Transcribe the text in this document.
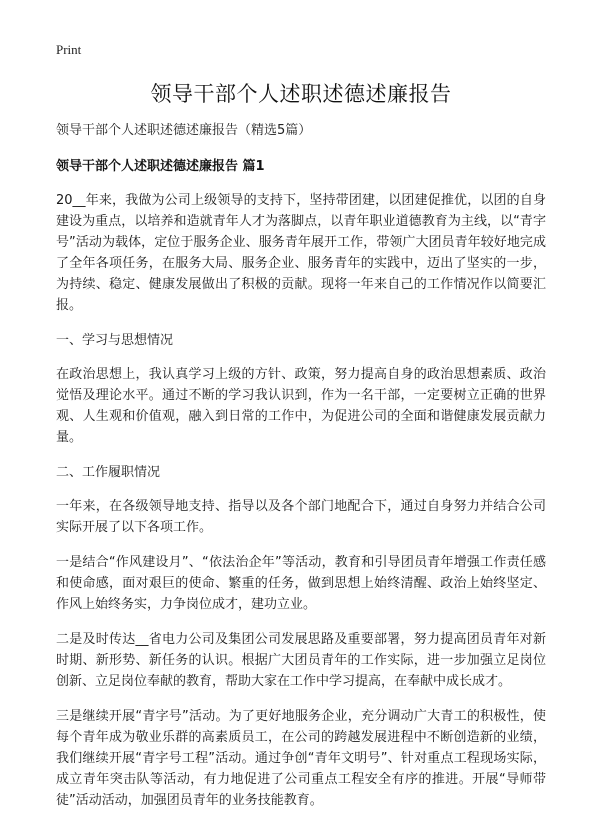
Print
领导干部个人述职述德述廉报告

领导干部个人述职述德述廉报告（精选5篇）

领导干部个人述职述德述廉报告 篇1

20__年来，我做为公司上级领导的支持下，坚持带团建，以团建促推优，以团的自身建设为重点，以培养和造就青年人才为落脚点，以青年职业道德教育为主线，以“青字号”活动为载体，定位于服务企业、服务青年展开工作，带领广大团员青年较好地完成了全年各项任务，在服务大局、服务企业、服务青年的实践中，迈出了坚实的一步，为持续、稳定、健康发展做出了积极的贡献。现将一年来自己的工作情况作以简要汇报。

一、学习与思想情况

在政治思想上，我认真学习上级的方针、政策，努力提高自身的政治思想素质、政治觉悟及理论水平。通过不断的学习我认识到，作为一名干部，一定要树立正确的世界观、人生观和价值观，融入到日常的工作中，为促进公司的全面和谐健康发展贡献力量。

二、工作履职情况

一年来，在各级领导地支持、指导以及各个部门地配合下，通过自身努力并结合公司实际开展了以下各项工作。

一是结合“作风建设月”、“依法治企年”等活动，教育和引导团员青年增强工作责任感和使命感，面对艰巨的使命、繁重的任务，做到思想上始终清醒、政治上始终坚定、作风上始终务实，力争岗位成才，建功立业。

二是及时传达__省电力公司及集团公司发展思路及重要部署，努力提高团员青年对新时期、新形势、新任务的认识。根据广大团员青年的工作实际，进一步加强立足岗位创新、立足岗位奉献的教育，帮助大家在工作中学习提高，在奉献中成长成才。

三是继续开展“青字号”活动。为了更好地服务企业，充分调动广大青工的积极性，使每个青年成为敬业乐群的高素质员工，在公司的跨越发展进程中不断创造新的业绩，我们继续开展“青字号工程”活动。通过争创“青年文明号”、针对重点工程现场实际，成立青年突击队等活动，有力地促进了公司重点工程安全有序的推进。开展“导师带徒”活动活动，加强团员青年的业务技能教育。
